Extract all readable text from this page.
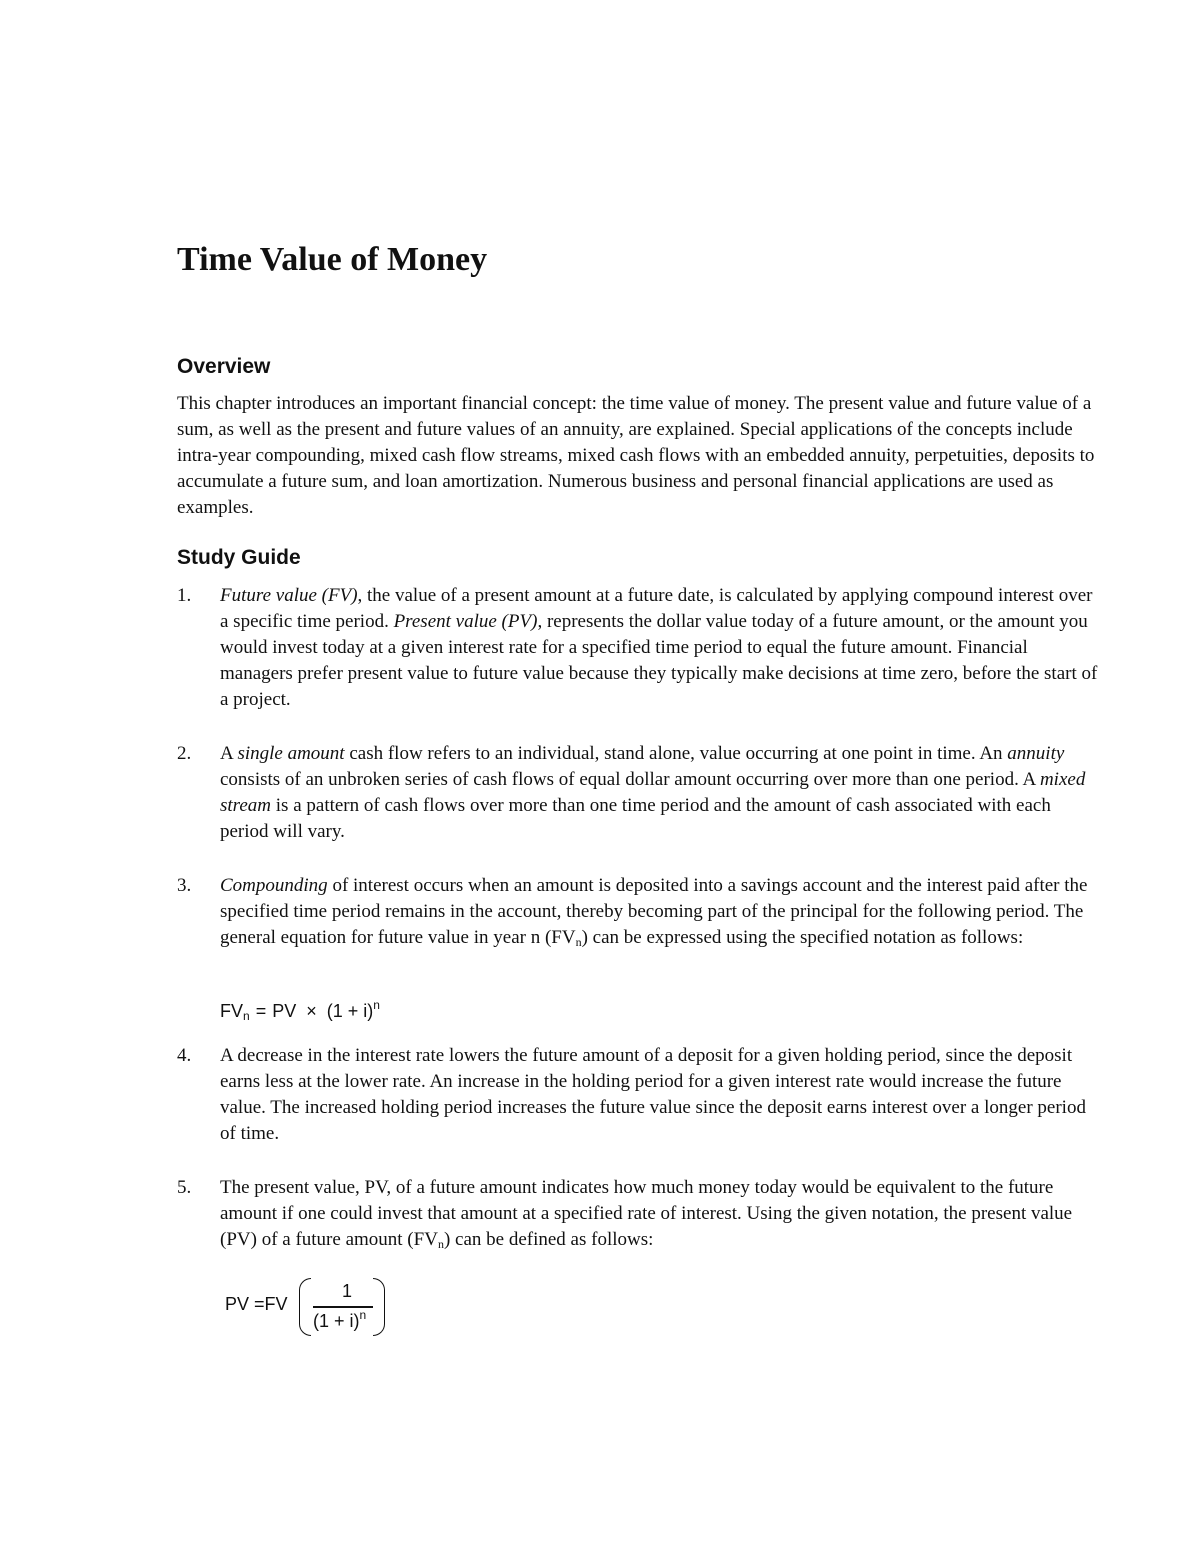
Time Value of Money
Overview

This chapter introduces an important financial concept: the time value of money. The present value and future value of a sum, as well as the present and future values of an annuity, are explained. Special applications of the concepts include intra-year compounding, mixed cash flow streams, mixed cash flows with an embedded annuity, perpetuities, deposits to accumulate a future sum, and loan amortization. Numerous business and personal financial applications are used as examples.

Study Guide
1. Future value (FV), the value of a present amount at a future date, is calculated by applying compound interest over a specific time period. Present value (PV), represents the dollar value today of a future amount, or the amount you would invest today at a given interest rate for a specified time period to equal the future amount. Financial managers prefer present value to future value because they typically make decisions at time zero, before the start of a project.

2. A single amount cash flow refers to an individual, stand alone, value occurring at one point in time. An annuity consists of an unbroken series of cash flows of equal dollar amount occurring over more than one period. A mixed stream is a pattern of cash flows over more than one time period and the amount of cash associated with each period will vary.

3. Compounding of interest occurs when an amount is deposited into a savings account and the interest paid after the specified time period remains in the account, thereby becoming part of the principal for the following period. The general equation for future value in year n $(FV_n)$ can be expressed using the specified notation as follows:

$FV_n$ = PV × $(1 + i)^n$
4. A decrease in the interest rate lowers the future amount of a deposit for a given holding period, since the deposit earns less at the lower rate. An increase in the holding period for a given interest rate would increase the future value. The increased holding period increases the future value since the deposit earns interest over a longer period of time.

5. The present value, PV, of a future amount indicates how much money today would be equivalent to the future amount if one could invest that amount at a specified rate of interest. Using the given notation, the present value (PV) of a future amount $(FV_n)$ can be defined as follows:

PV =FV
1
$(1 + i)^n$
